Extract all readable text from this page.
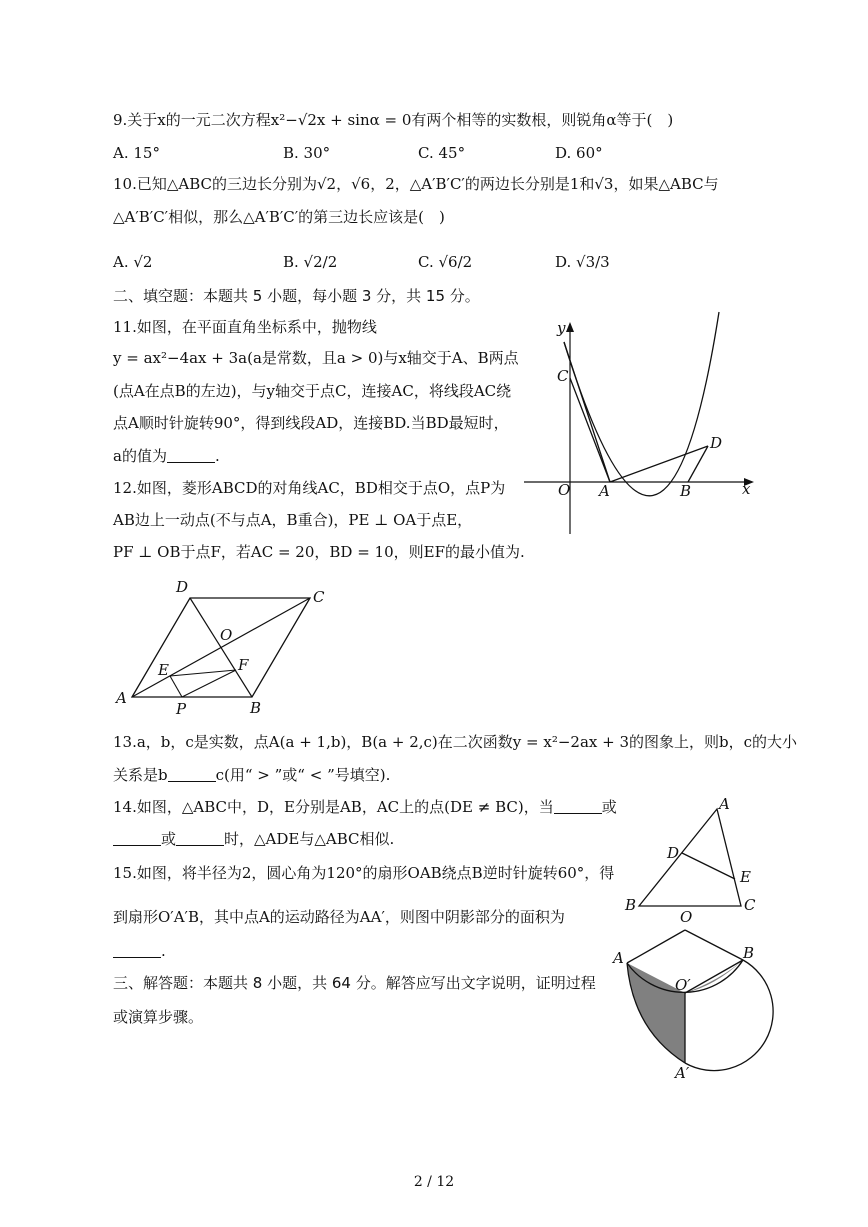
9.关于x的一元二次方程x²−√2x + sinα = 0有两个相等的实数根，则锐角α等于(　)
A. 15°	B. 30°	C. 45°	D. 60°
10.已知△ABC的三边长分别为√2，√6，2，△A′B′C′的两边长分别是1和√3，如果△ABC与
△A′B′C′相似，那么△A′B′C′的第三边长应该是(　)
A. √2	B. √2/2	C. √6/2	D. √3/3
二、填空题：本题共 5 小题，每小题 3 分，共 15 分。
11.如图，在平面直角坐标系中，抛物线
y = ax²−4ax + 3a(a是常数，且a > 0)与x轴交于A、B两点
(点A在点B的左边)，与y轴交于点C，连接AC，将线段AC绕
点A顺时针旋转90°，得到线段AD，连接BD.当BD最短时，
a的值为	.
y
x
C
O A	B
D
12.如图，菱形ABCD的对角线AC，BD相交于点O，点P为
AB边上一动点(不与点A，B重合)，PE ⊥ OA于点E，
PF ⊥ OB于点F，若AC = 20，BD = 10，则EF的最小值为 .
D
C
O
E	F
A
P	B
13.a，b，c是实数，点A(a + 1,b)，B(a + 2,c)在二次函数y = x²−2ax + 3的图象上，则b，c的大小
关系是b	c(用“ > ”或“ < ”号填空).
14.如图，△ABC中，D，E分别是AB，AC上的点(DE ≠ BC)，当	或
或	时，△ADE与△ABC相似.
A
D
E
B	C
15.如图，将半径为2，圆心角为120°的扇形OAB绕点B逆时针旋转60°，得
到扇形O′A′B，其中点A的运动路径为AA′，则图中阴影部分的面积为
.
三、解答题：本题共 8 小题，共 64 分。解答应写出文字说明，证明过程
或演算步骤。
O
A	B
O′
A′
2 / 12
